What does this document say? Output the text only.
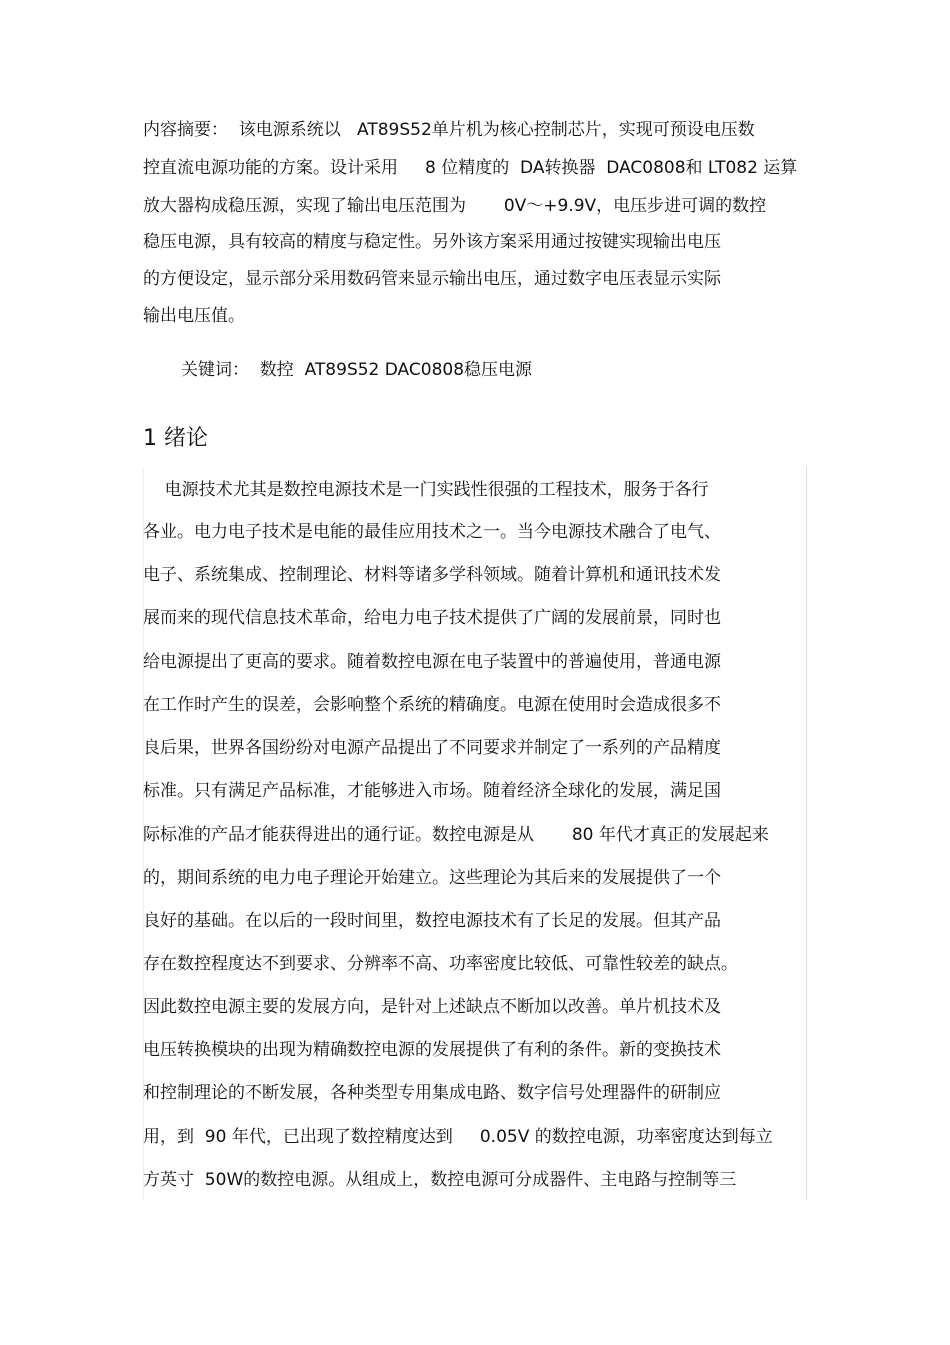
内容摘要：  该电源系统以   AT89S52单片机为核心控制芯片，实现可预设电压数
控直流电源功能的方案。设计采用     8 位精度的  DA转换器  DAC0808和 LT082 运算
放大器构成稳压源，实现了输出电压范围为       0V～+9.9V，电压步进可调的数控
稳压电源，具有较高的精度与稳定性。另外该方案采用通过按键实现输出电压
的方便设定，显示部分采用数码管来显示输出电压，通过数字电压表显示实际
输出电压值。
关键词：  数控  AT89S52 DAC0808稳压电源
1 绪论
电源技术尤其是数控电源技术是一门实践性很强的工程技术，服务于各行
各业。电力电子技术是电能的最佳应用技术之一。当今电源技术融合了电气、
电子、系统集成、控制理论、材料等诸多学科领域。随着计算机和通讯技术发
展而来的现代信息技术革命，给电力电子技术提供了广阔的发展前景，同时也
给电源提出了更高的要求。随着数控电源在电子装置中的普遍使用，普通电源
在工作时产生的误差，会影响整个系统的精确度。电源在使用时会造成很多不
良后果，世界各国纷纷对电源产品提出了不同要求并制定了一系列的产品精度
标准。只有满足产品标准，才能够进入市场。随着经济全球化的发展，满足国
际标准的产品才能获得进出的通行证。数控电源是从       80 年代才真正的发展起来
的，期间系统的电力电子理论开始建立。这些理论为其后来的发展提供了一个
良好的基础。在以后的一段时间里，数控电源技术有了长足的发展。但其产品
存在数控程度达不到要求、分辨率不高、功率密度比较低、可靠性较差的缺点。
因此数控电源主要的发展方向，是针对上述缺点不断加以改善。单片机技术及
电压转换模块的出现为精确数控电源的发展提供了有利的条件。新的变换技术
和控制理论的不断发展，各种类型专用集成电路、数字信号处理器件的研制应
用，到  90 年代，已出现了数控精度达到     0.05V 的数控电源，功率密度达到每立
方英寸  50W的数控电源。从组成上，数控电源可分成器件、主电路与控制等三
